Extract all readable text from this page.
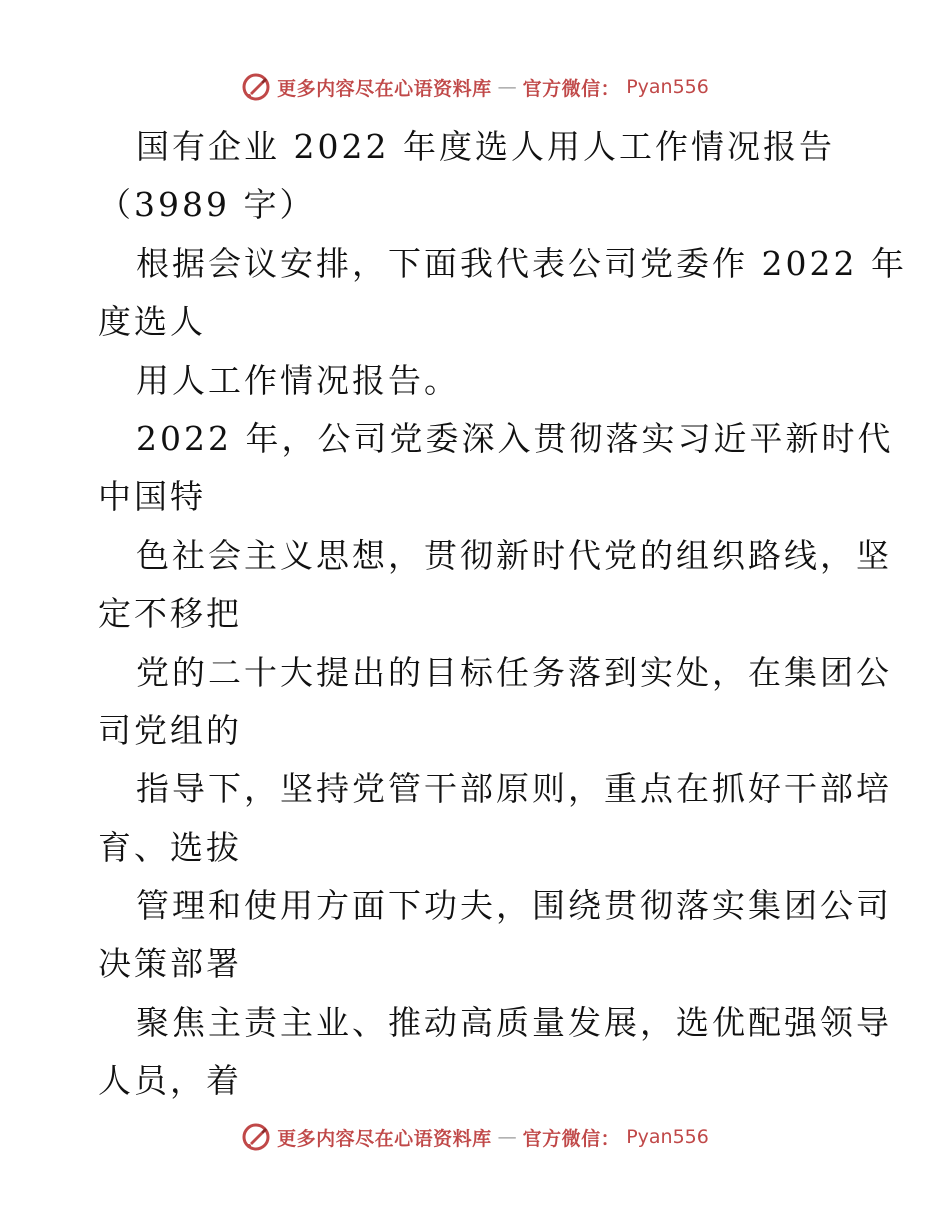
更多内容尽在心语资料库 — 官方微信： Pyan556
国有企业 2022 年度选人用人工作情况报告
（3989 字）
根据会议安排，下面我代表公司党委作 2022 年
度选人
用人工作情况报告。
2022 年，公司党委深入贯彻落实习近平新时代
中国特
色社会主义思想，贯彻新时代党的组织路线，坚
定不移把
党的二十大提出的目标任务落到实处，在集团公
司党组的
指导下，坚持党管干部原则，重点在抓好干部培
育、选拔
管理和使用方面下功夫，围绕贯彻落实集团公司
决策部署
聚焦主责主业、推动高质量发展，选优配强领导
人员，着
更多内容尽在心语资料库 — 官方微信： Pyan556
